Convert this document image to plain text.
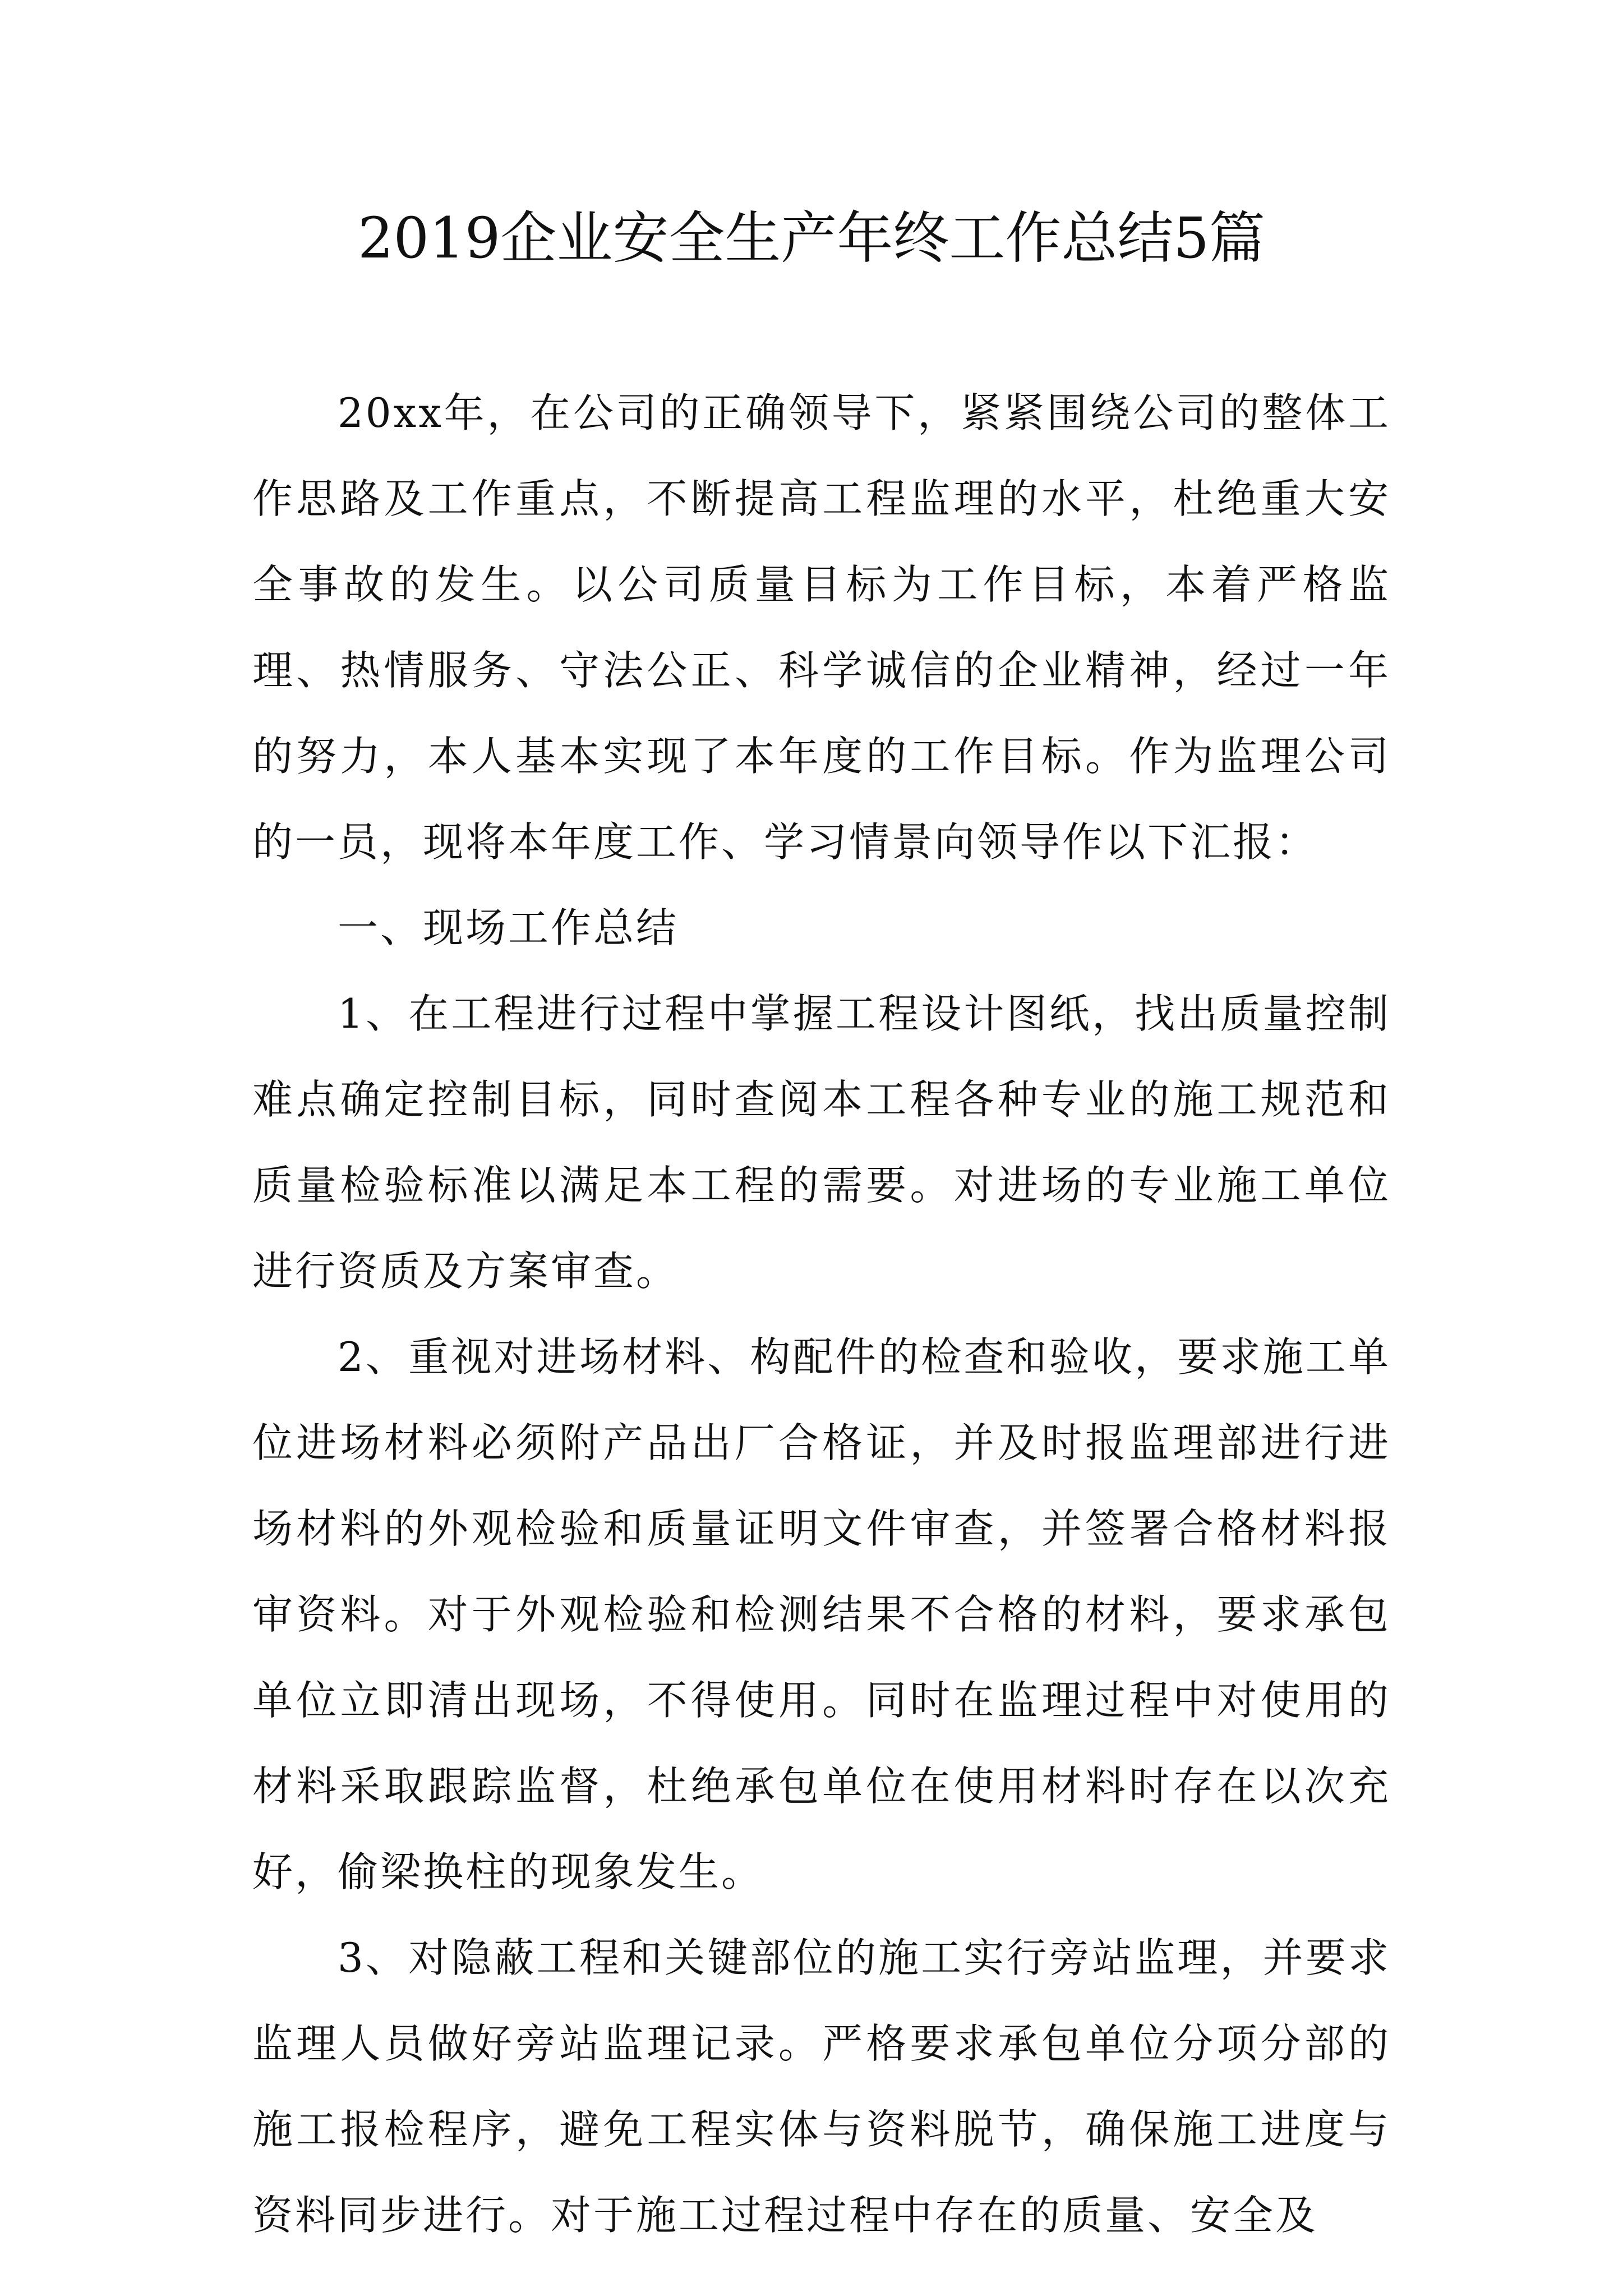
2019企业安全生产年终工作总结5篇

20xx年，在公司的正确领导下，紧紧围绕公司的整体工作思路及工作重点，不断提高工程监理的水平，杜绝重大安全事故的发生。以公司质量目标为工作目标，本着严格监理、热情服务、守法公正、科学诚信的企业精神，经过一年的努力，本人基本实现了本年度的工作目标。作为监理公司的一员，现将本年度工作、学习情景向领导作以下汇报：

一、现场工作总结

1、在工程进行过程中掌握工程设计图纸，找出质量控制难点确定控制目标，同时查阅本工程各种专业的施工规范和质量检验标准以满足本工程的需要。对进场的专业施工单位进行资质及方案审查。

2、重视对进场材料、构配件的检查和验收，要求施工单位进场材料必须附产品出厂合格证，并及时报监理部进行进场材料的外观检验和质量证明文件审查，并签署合格材料报审资料。对于外观检验和检测结果不合格的材料，要求承包单位立即清出现场，不得使用。同时在监理过程中对使用的材料采取跟踪监督，杜绝承包单位在使用材料时存在以次充好，偷梁换柱的现象发生。

3、对隐蔽工程和关键部位的施工实行旁站监理，并要求监理人员做好旁站监理记录。严格要求承包单位分项分部的施工报检程序，避免工程实体与资料脱节，确保施工进度与资料同步进行。对于施工过程过程中存在的质量、安全及
